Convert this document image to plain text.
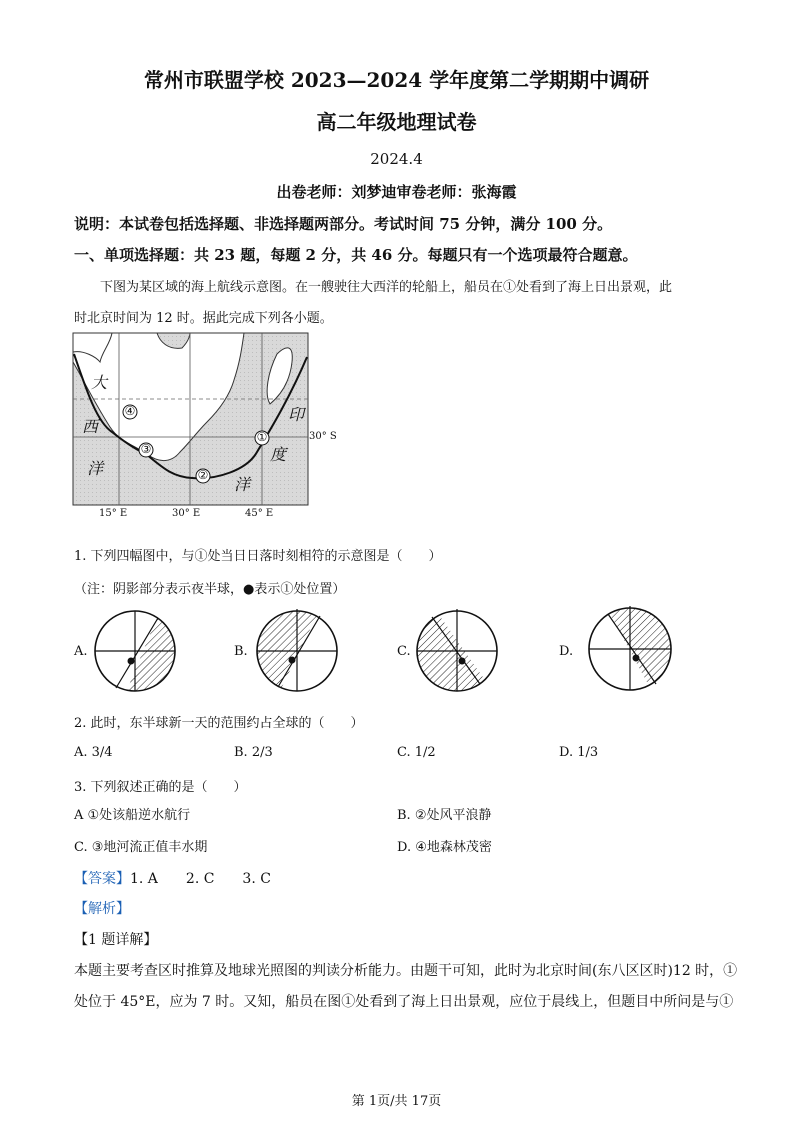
常州市联盟学校 2023—2024 学年度第二学期期中调研
高二年级地理试卷
2024.4
出卷老师：刘梦迪审卷老师：张海霞
说明：本试卷包括选择题、非选择题两部分。考试时间 75 分钟，满分 100 分。
一、单项选择题：共 23 题，每题 2 分，共 46 分。每题只有一个选项最符合题意。
下图为某区域的海上航线示意图。在一艘驶往大西洋的轮船上，船员在①处看到了海上日出景观，此
时北京时间为 12 时。据此完成下列各小题。
大
西
洋
印
度
洋
④
③
②
①	30° S
15° E	30° E	45° E
1. 下列四幅图中，与①处当日日落时刻相符的示意图是（　　）
（注：阴影部分表示夜半球，●表示①处位置）
A.	B.	C.	D.
2. 此时，东半球新一天的范围约占全球的（　　）
A. 3/4	B. 2/3	C. 1/2	D. 1/3
3. 下列叙述正确的是（　　）
A ①处该船逆水航行	B. ②处风平浪静
C. ③地河流正值丰水期	D. ④地森林茂密
【答案】1. A　　2. C　　3. C
【解析】
【1 题详解】
本题主要考查区时推算及地球光照图的判读分析能力。由题干可知，此时为北京时间(东八区区时)12 时，①
处位于 45°E，应为 7 时。又知，船员在图①处看到了海上日出景观，应位于晨线上，但题目中所问是与①
第 1页/共 17页
